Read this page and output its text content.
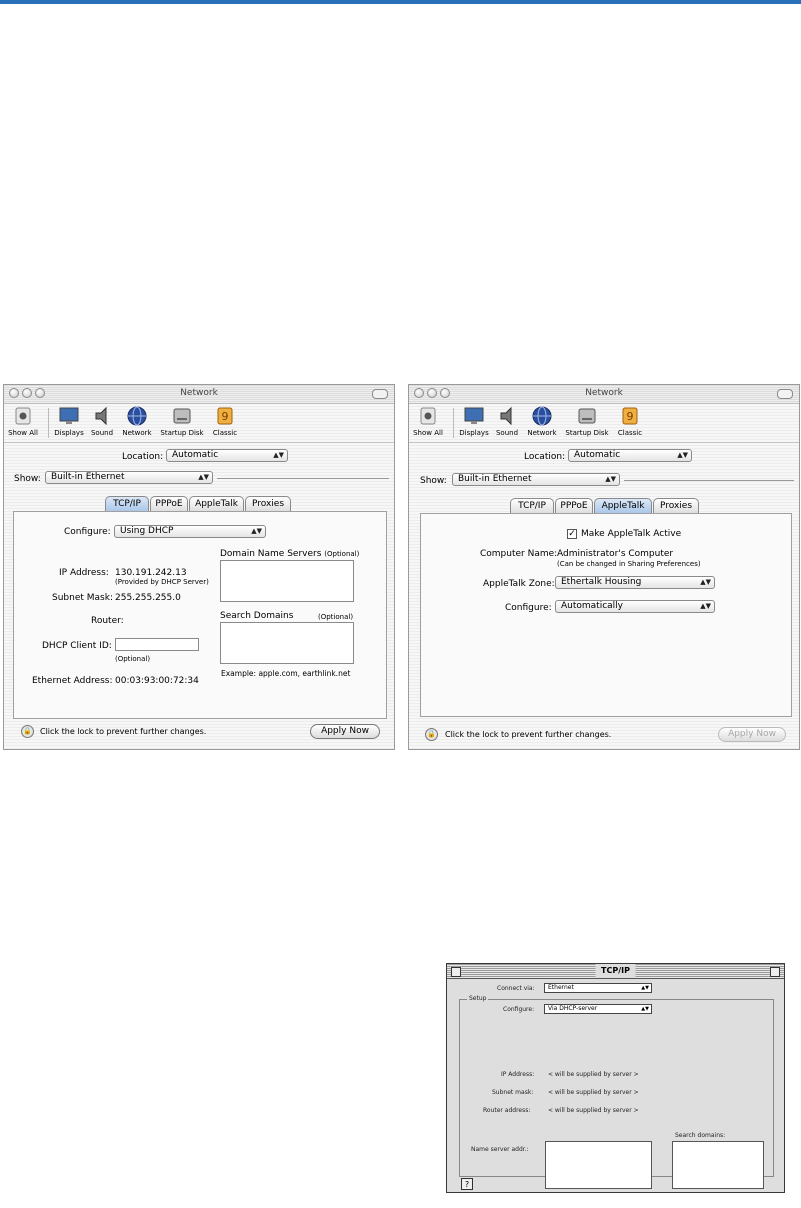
Network
Show All	Displays	Sound	Network	Startup Disk
9
Classic
Location: Automatic	▲▼
Show:	Built-in Ethernet	▲▼
TCP/IP	PPPoE	AppleTalk	Proxies
Configure:	Using DHCP	▲▼
Domain Name Servers (Optional)
IP Address: 130.191.242.13
(Provided by DHCP Server)
Subnet Mask: 255.255.255.0
Search Domains	(Optional)
Router:
DHCP Client ID:
(Optional)
Example: apple.com, earthlink.net
Ethernet Address: 00:03:93:00:72:34
🔒 Click the lock to prevent further changes.	Apply Now
Network
Show All	Displays	Sound	Network	Startup Disk
9
Classic
Location: Automatic	▲▼
Show:	Built-in Ethernet	▲▼
TCP/IP	PPPoE	AppleTalk	Proxies
✓ Make AppleTalk Active
Computer Name: Administrator's Computer
(Can be changed in Sharing Preferences)
AppleTalk Zone: Ethertalk Housing	▲▼
Configure:	Automatically	▲▼
🔒 Click the lock to prevent further changes.	Apply Now
TCP/IP
Connect via:	Ethernet	▲▼
Setup
Configure:	Via DHCP-server	▲▼
IP Address: < will be supplied by server >
Subnet mask: < will be supplied by server >
Router address:	< will be supplied by server >
Search domains:
Name server addr.:
?
